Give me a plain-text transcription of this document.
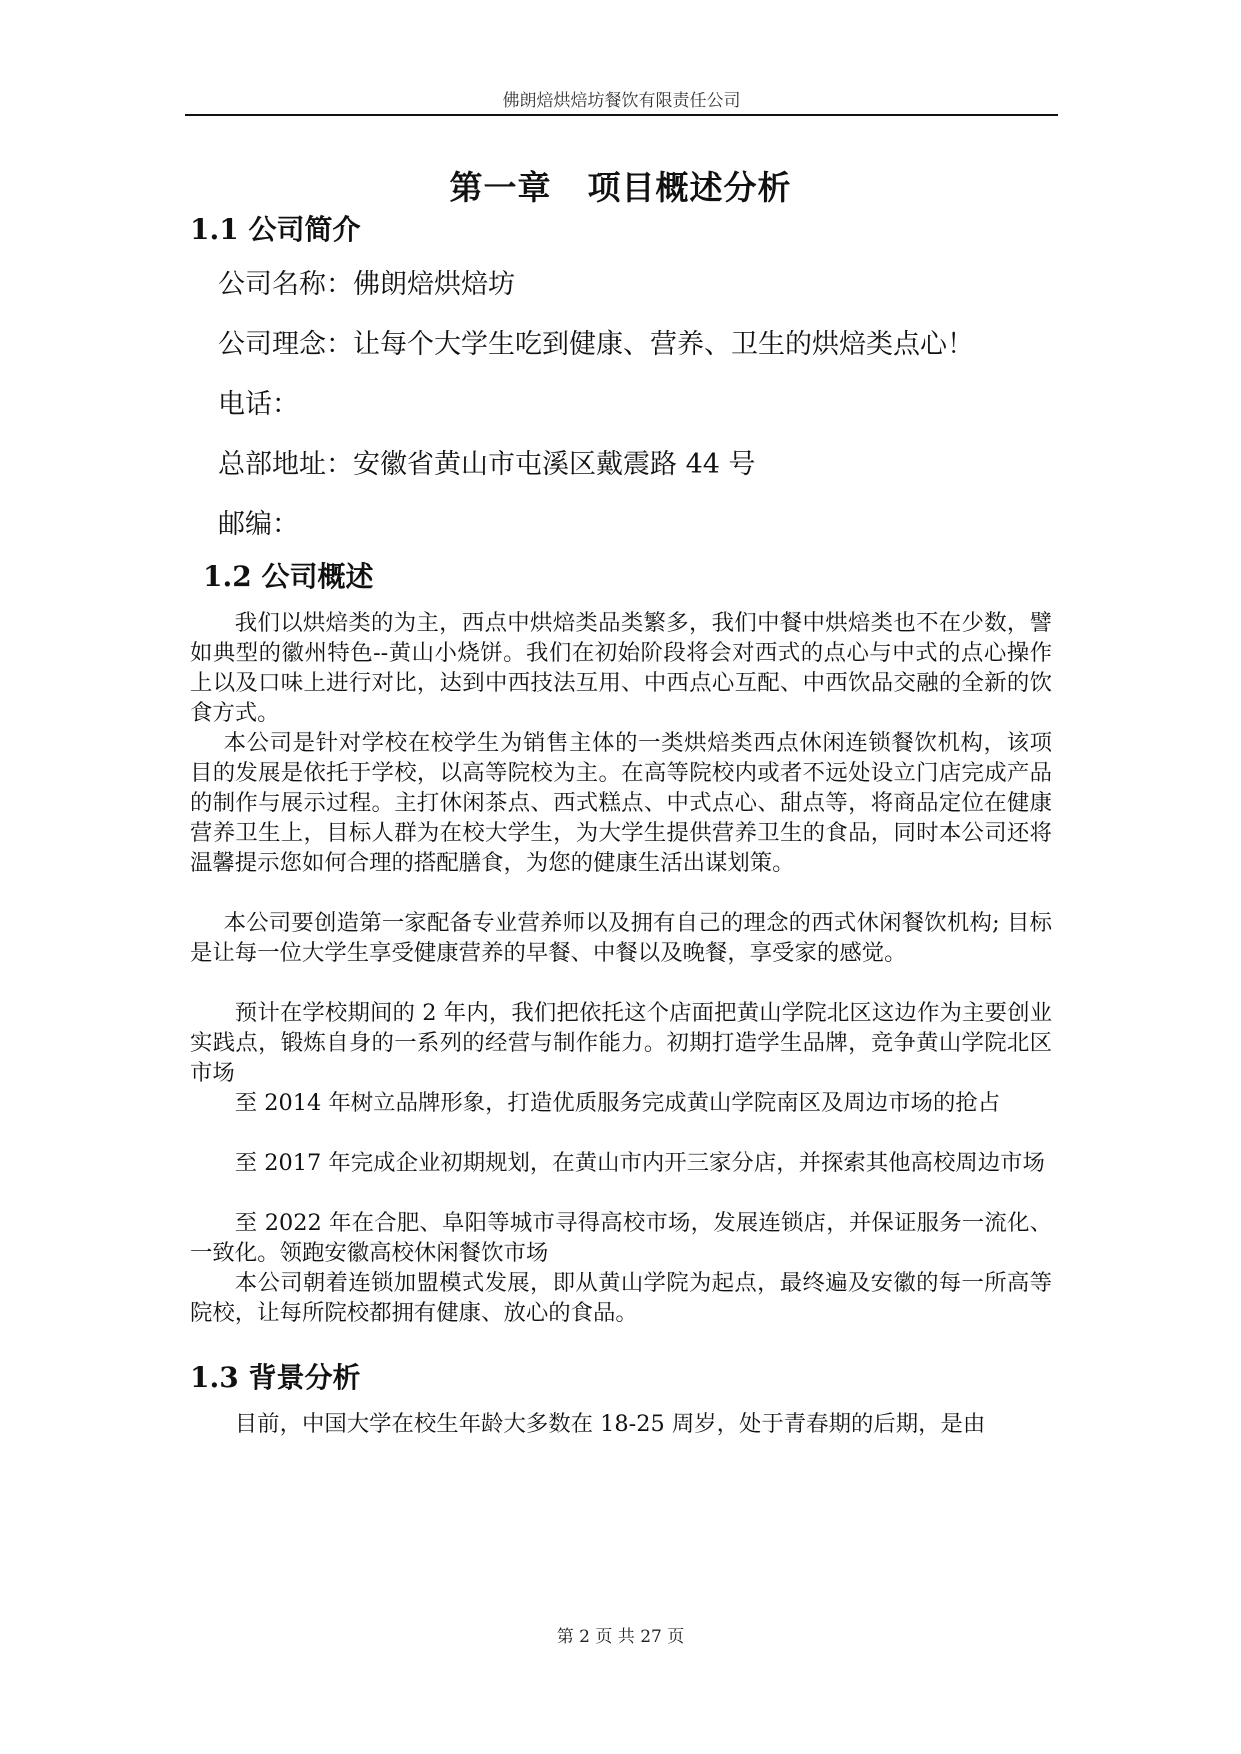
佛朗焙烘焙坊餐饮有限责任公司
第一章 项目概述分析
1.1 公司简介
公司名称：佛朗焙烘焙坊
公司理念：让每个大学生吃到健康、营养、卫生的烘焙类点心！
电话：
总部地址：安徽省黄山市屯溪区戴震路 44 号
邮编：
1.2 公司概述

我们以烘焙类的为主，西点中烘焙类品类繁多，我们中餐中烘焙类也不在少数，譬如典型的徽州特色--黄山小烧饼。我们在初始阶段将会对西式的点心与中式的点心操作上以及口味上进行对比，达到中西技法互用、中西点心互配、中西饮品交融的全新的饮食方式。

本公司是针对学校在校学生为销售主体的一类烘焙类西点休闲连锁餐饮机构，该项目的发展是依托于学校，以高等院校为主。在高等院校内或者不远处设立门店完成产品的制作与展示过程。主打休闲茶点、西式糕点、中式点心、甜点等，将商品定位在健康营养卫生上，目标人群为在校大学生，为大学生提供营养卫生的食品，同时本公司还将温馨提示您如何合理的搭配膳食，为您的健康生活出谋划策。

本公司要创造第一家配备专业营养师以及拥有自己的理念的西式休闲餐饮机构; 目标是让每一位大学生享受健康营养的早餐、中餐以及晚餐，享受家的感觉。

预计在学校期间的 2 年内，我们把依托这个店面把黄山学院北区这边作为主要创业实践点，锻炼自身的一系列的经营与制作能力。初期打造学生品牌，竞争黄山学院北区市场

至 2014 年树立品牌形象，打造优质服务完成黄山学院南区及周边市场的抢占

至 2017 年完成企业初期规划，在黄山市内开三家分店，并探索其他高校周边市场

至 2022 年在合肥、阜阳等城市寻得高校市场，发展连锁店，并保证服务一流化、一致化。领跑安徽高校休闲餐饮市场

本公司朝着连锁加盟模式发展，即从黄山学院为起点，最终遍及安徽的每一所高等院校，让每所院校都拥有健康、放心的食品。

1.3 背景分析

目前，中国大学在校生年龄大多数在 18-25 周岁，处于青春期的后期，是由

第 2 页 共 27 页
